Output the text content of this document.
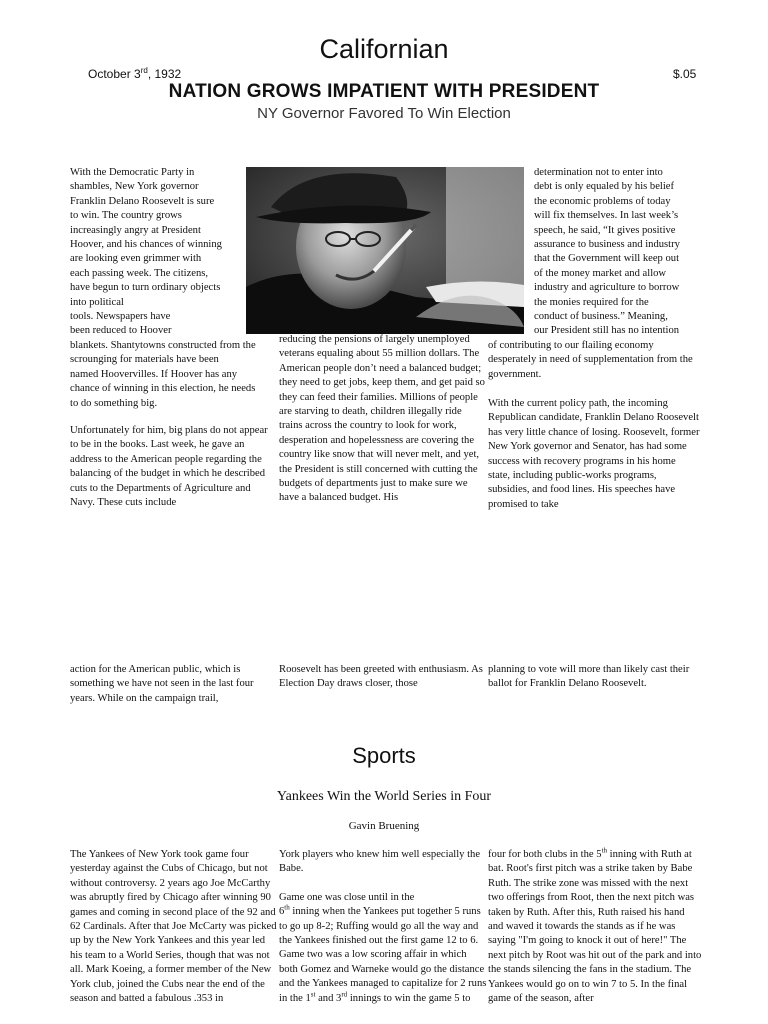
Californian
October 3rd, 1932	$.05
NATION GROWS IMPATIENT WITH PRESIDENT
NY Governor Favored To Win Election
With the Democratic Party in
shambles, New York governor
Franklin Delano Roosevelt is sure
to win. The country grows
increasingly angry at President
Hoover, and his chances of winning
are looking even grimmer with
each passing week. The citizens,
have begun to turn ordinary objects
into political
tools. Newspapers have
been reduced to Hoover
blankets. Shantytowns constructed from the
scrounging for materials have been
named Hoovervilles. If Hoover has any
chance of winning in this election, he needs
to do something big.
Unfortunately for him, big plans do not appear to be in the books. Last week, he gave an address to the American people regarding the balancing of the budget in which he described cuts to the Departments of Agriculture and Navy. These cuts include
reducing the pensions of largely unemployed veterans equaling about 55 million dollars. The American people don’t need a balanced budget; they need to get jobs, keep them, and get paid so they can feed their families. Millions of people are starving to death, children illegally ride trains across the country to look for work, desperation and hopelessness are covering the country like snow that will never melt, and yet, the President is still concerned with cutting the budgets of departments just to make sure we have a balanced budget. His
determination not to enter into
debt is only equaled by his belief
the economic problems of today
will fix themselves. In last week’s
speech, he said, “It gives positive
assurance to business and industry
that the Government will keep out
of the money market and allow
industry and agriculture to borrow
the monies required for the
conduct of business.” Meaning,
our President still has no intention
of contributing to our flailing economy desperately in need of supplementation from the government.
With the current policy path, the incoming Republican candidate, Franklin Delano Roosevelt has very little chance of losing. Roosevelt, former New York governor and Senator, has had some success with recovery programs in his home state, including public-works programs, subsidies, and food lines. His speeches have promised to take
action for the American public, which is something we have not seen in the last four years. While on the campaign trail,
Roosevelt has been greeted with enthusiasm. As Election Day draws closer, those
planning to vote will more than likely cast their ballot for Franklin Delano Roosevelt.
Sports
Yankees Win the World Series in Four
Gavin Bruening
The Yankees of New York took game four yesterday against the Cubs of Chicago, but not without controversy. 2 years ago Joe McCarthy was abruptly fired by Chicago after winning 90 games and coming in second place of the 92 and 62 Cardinals. After that Joe McCarty was picked up by the New York Yankees and this year led his team to a World Series, though that was not all. Mark Koeing, a former member of the New York club, joined the Cubs near the end of the season and batted a fabulous .353 in

York players who knew him well especially the Babe.

Game one was close until in the
6th inning when the Yankees put together 5 runs to go up 8-2; Ruffing would go all the way and the Yankees finished out the first game 12 to 6. Game two was a low scoring affair in which both Gomez and Warneke would go the distance and the Yankees managed to capitalize for 2 runs in the 1st and 3rd innings to win the game 5 to

four for both clubs in the 5th inning with Ruth at bat. Root's first pitch was a strike taken by Babe Ruth. The strike zone was missed with the next two offerings from Root, then the next pitch was taken by Ruth. After this, Ruth raised his hand and waved it towards the stands as if he was saying "I'm going to knock it out of here!" The next pitch by Root was hit out of the park and into the stands silencing the fans in the stadium. The Yankees would go on to win 7 to 5. In the final game of the season, after
